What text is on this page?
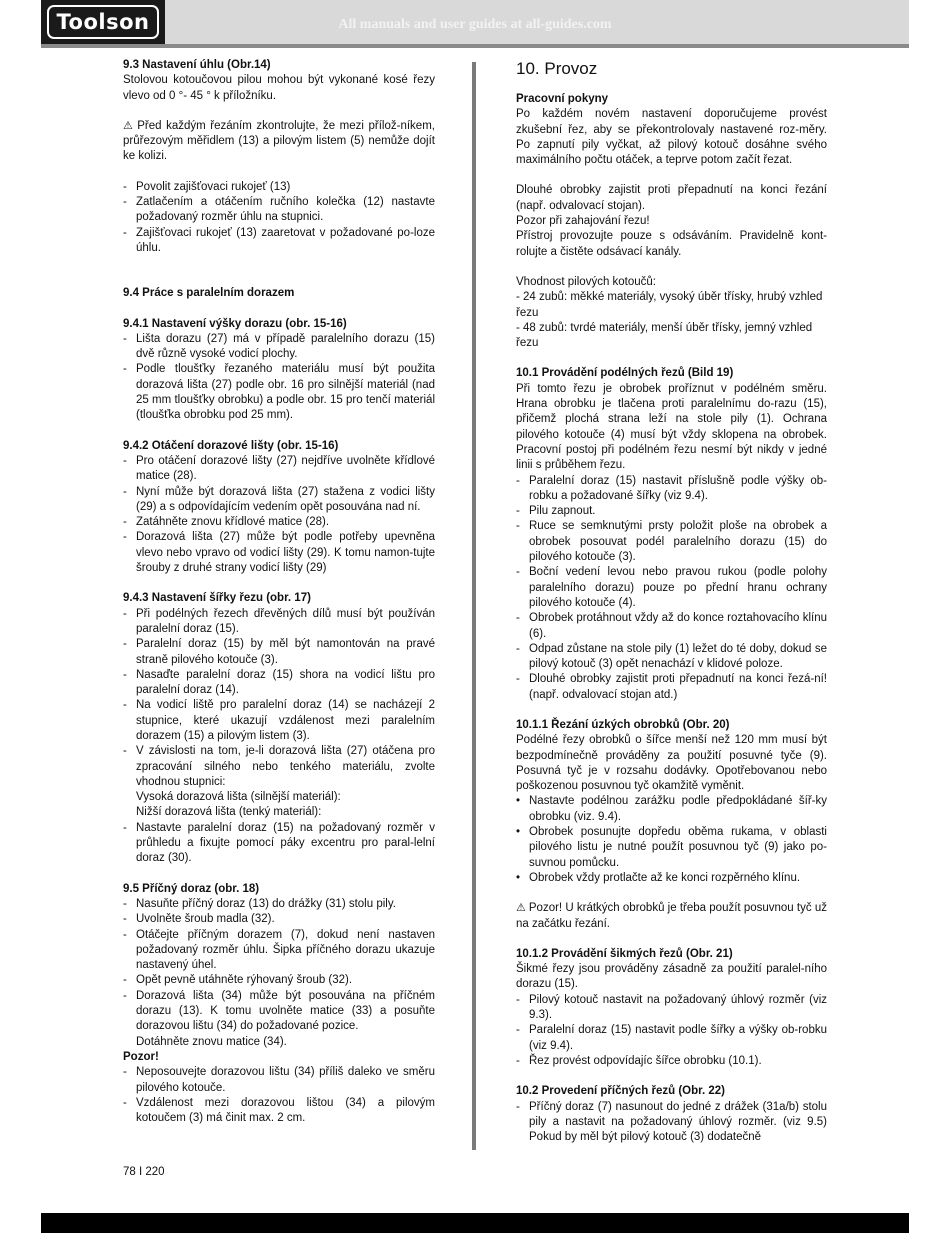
Toolson	All manuals and user guides at all-guides.com
9.3 Nastavení úhlu (Obr.14)

Stolovou kotoučovou pilou mohou být vykonané kosé řezy vlevo od 0 °- 45 ° k příložníku.

⚠ Před každým řezáním zkontrolujte, že mezi přílož-níkem, průřezovým měřidlem (13) a pilovým listem (5) nemůže dojít ke kolizi.

- Povolit zajišťovaci rukojeť (13)
- Zatlačením a otáčením ručního kolečka (12) nastavte požadovaný rozměr úhlu na stupnici.
- Zajišťovaci rukojeť (13) zaaretovat v požadované po-loze úhlu.
9.4 Práce s paralelním dorazem
9.4.1 Nastavení výšky dorazu (obr. 15-16)
- Lišta dorazu (27) má v případě paralelního dorazu (15) dvě různě vysoké vodicí plochy.
- Podle tloušťky řezaného materiálu musí být použita dorazová lišta (27) podle obr. 16 pro silnější materiál (nad 25 mm tloušťky obrobku) a podle obr. 15 pro tenčí materiál (tloušťka obrobku pod 25 mm).
9.4.2 Otáčení dorazové lišty (obr. 15-16)
- Pro otáčení dorazové lišty (27) nejdříve uvolněte křídlové matice (28).
- Nyní může být dorazová lišta (27) stažena z vodici lišty (29) a s odpovídajícím vedením opět posouvána nad ní.
- Zatáhněte znovu křídlové matice (28).
- Dorazová lišta (27) může být podle potřeby upevněna vlevo nebo vpravo od vodicí lišty (29). K tomu namon-tujte šrouby z druhé strany vodicí lišty (29)
9.4.3 Nastavení šířky řezu (obr. 17)
- Při podélných řezech dřevěných dílů musí být používán paralelní doraz (15).
- Paralelní doraz (15) by měl být namontován na pravé straně pilového kotouče (3).
- Nasaďte paralelní doraz (15) shora na vodicí lištu pro paralelní doraz (14).
- Na vodicí liště pro paralelní doraz (14) se nacházejí 2 stupnice, které ukazují vzdálenost mezi paralelním dorazem (15) a pilovým listem (3).
- V závislosti na tom, je-li dorazová lišta (27) otáčena pro zpracování silného nebo tenkého materiálu, zvolte vhodnou stupnici:
Vysoká dorazová lišta (silnější materiál):
Nižší dorazová lišta (tenký materiál):
- Nastavte paralelní doraz (15) na požadovaný rozměr v průhledu a fixujte pomocí páky excentru pro paral-lelní doraz (30).
9.5 Příčný doraz (obr. 18)
- Nasuňte příčný doraz (13) do drážky (31) stolu pily.
- Uvolněte šroub madla (32).
- Otáčejte příčným dorazem (7), dokud není nastaven požadovaný rozměr úhlu. Šipka příčného dorazu ukazuje nastavený úhel.
- Opět pevně utáhněte rýhovaný šroub (32).
- Dorazová lišta (34) může být posouvána na příčném dorazu (13). K tomu uvolněte matice (33) a posuňte dorazovou lištu (34) do požadované pozice.
Dotáhněte znovu matice (34).
Pozor!
- Neposouvejte dorazovou lištu (34) příliš daleko ve směru pilového kotouče.
- Vzdálenost mezi dorazovou lištou (34) a pilovým kotoučem (3) má činit max. 2 cm.
10. Provoz
Pracovní pokyny

Po každém novém nastavení doporučujeme provést zkušební řez, aby se překontrolovaly nastavené roz-měry. Po zapnutí pily vyčkat, až pilový kotouč dosáhne svého maximálního počtu otáček, a teprve potom začít řezat.

Dlouhé obrobky zajistit proti přepadnutí na konci řezání (např. odvalovací stojan).

Pozor při zahajování řezu!

Přístroj provozujte pouze s odsáváním. Pravidelně kont-rolujte a čistěte odsávací kanály.

Vhodnost pilových kotoučů:

- 24 zubů: měkké materiály, vysoký úběr třísky, hrubý vzhled řezu

- 48 zubů: tvrdé materiály, menší úběr třísky, jemný vzhled řezu

10.1 Provádění podélných řezů (Bild 19)

Při tomto řezu je obrobek proříznut v podélném směru. Hrana obrobku je tlačena proti paralelnímu do-razu (15), přičemž plochá strana leží na stole pily (1). Ochrana pilového kotouče (4) musí být vždy sklopena na obrobek. Pracovní postoj při podélném řezu nesmí být nikdy v jedné linii s průběhem řezu.

- Paralelní doraz (15) nastavit příslušně podle výšky ob-robku a požadované šířky (viz 9.4).
- Pilu zapnout.
- Ruce se semknutými prsty položit ploše na obrobek a obrobek posouvat podél paralelního dorazu (15) do pilového kotouče (3).
- Boční vedení levou nebo pravou rukou (podle polohy paralelního dorazu) pouze po přední hranu ochrany pilového kotouče (4).
- Obrobek protáhnout vždy až do konce roztahovacího klínu (6).
- Odpad zůstane na stole pily (1) ležet do té doby, dokud se pilový kotouč (3) opět nenachází v klidové poloze.
- Dlouhé obrobky zajistit proti přepadnutí na konci řezá-ní! (např. odvalovací stojan atd.)
10.1.1 Řezání úzkých obrobků (Obr. 20)

Podélné řezy obrobků o šířce menší než 120 mm musí být bezpodmínečně prováděny za použití posuvné tyče (9). Posuvná tyč je v rozsahu dodávky. Opotřebovanou nebo poškozenou posuvnou tyč okamžitě vyměnit.

• Nastavte podélnou zarážku podle předpokládané šíř-ky obrobku (viz. 9.4).
• Obrobek posunujte dopředu oběma rukama, v oblasti pilového listu je nutné použít posuvnou tyč (9) jako po-suvnou pomůcku.
• Obrobek vždy protlačte až ke konci rozpěrného klínu.

⚠ Pozor! U krátkých obrobků je třeba použít posuvnou tyč už na začátku řezání.

10.1.2 Provádění šikmých řezů (Obr. 21)

Šikmé řezy jsou prováděny zásadně za použití paralel-ního dorazu (15).

- Pilový kotouč nastavit na požadovaný úhlový rozměr (viz 9.3).
- Paralelní doraz (15) nastavit podle šířky a výšky ob-robku (viz 9.4).
- Řez provést odpovídajíc šířce obrobku (10.1).
10.2 Provedení příčných řezů (Obr. 22)
- Příčný doraz (7) nasunout do jedné z drážek (31a/b) stolu pily a nastavit na požadovaný úhlový rozměr. (viz 9.5) Pokud by měl být pilový kotouč (3) dodatečně
78 I 220
